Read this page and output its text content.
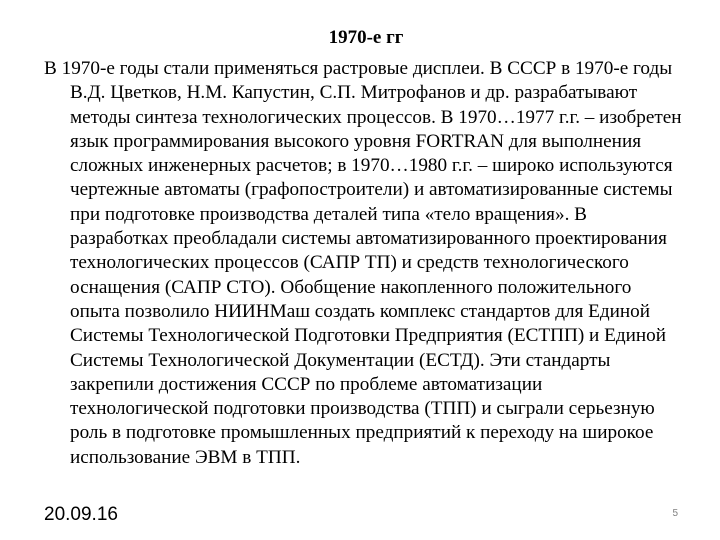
1970-е гг

В 1970-е годы стали применяться растровые дисплеи. В СССР в 1970-е годы В.Д. Цветков, Н.М. Капустин, С.П. Митрофанов и др. разрабатывают методы синтеза технологических процессов. В 1970…1977 г.г. – изобретен язык программирования высокого уровня FORTRAN для выполнения сложных инженерных расчетов; в 1970…1980 г.г. – широко используются чертежные автоматы (графопостроители) и автоматизированные системы при подготовке производства деталей типа «тело вращения». В разработках преобладали системы автоматизированного проектирования технологических процессов (САПР ТП) и средств технологического оснащения (САПР СТО). Обобщение накопленного положительного опыта позволило НИИНМаш создать комплекс стандартов для Единой Системы Технологической Подготовки Предприятия (ЕСТПП) и Единой Системы Технологической Документации (ЕСТД). Эти стандарты закрепили достижения СССР по проблеме автоматизации технологической подготовки производства (ТПП) и сыграли серьезную роль в подготовке промышленных предприятий к переходу на широкое использование ЭВМ в ТПП.

20.09.16	5
